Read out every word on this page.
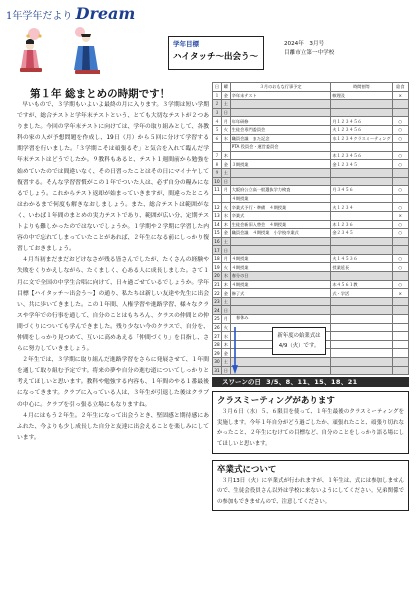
1年学年だより Dream
学年目標
ハイタッチ～出会う～
2024年　3月号
目離市立第一中学校
第１年 総まとめの時期です！

早いもので、３学期もいよいよ最終の月に入ります。３学期は短い学期ですが、総合テストと学年末テストという、とても大切なテストが２つありました。今回の学年末テストに向けては、学年の取り組みとして、各教科の家の人が予想問題を作成し、19日（月）から５回に分けて学習する期学習を行いました。「３学期こそは頑張るぞ」と気合を入れて臨んだ学年末テストはどうでしたか。９教科もあると、テスト１週間前から勉強を始めていたのでは間違いなく、その日習ったことはその日にマイナヤして復習する。そんな学習習慣がこの１年でついた人は、必ず自分の糧みになるでしょう。これからテスト返却が始まっていきますが、間違ったところはわかるまで何度も解きなおしましょう。また、総合テストは範囲がなく、いわば１年間のまとめの実力テストであり、範囲が広い分、定期テストよりも難しかったのではないでしょうか。１学期や２学期に学習した内容の中で忘れてしまっていたことがあれば、２年生になる前にしっかり復習しておきましょう。

４月当初まだまだおどけなさが残る皆さんでしたが、たくさんの経験や失敗をくりかえしながら、たくましく、心ある人に成長しました。さて１月に文で全国の中学生合唱に向けて、日々過ごせているでしょうか。学年目標【ハイタッチ～出会う～】の通り、私たちは新しい友達や先生に出会い、共に歩いてきました。この１年間、人権学習や進路学習、様々なクラスや学年での行事を通して、自分のことはもちろん、クラスの仲間との仲間づくりについても学んできました。残り少ない今のクラスで、自分を、仲間をしっかり見つめて、互いに高めあえる「仲間づくり」を目指し、さらに努力していきましょう。

２年生では、３学期に取り組んだ進路学習をさらに発展させて、１年間を通して取り組む予定です。将来の夢や自分の進む道についてしっかりと考えてほしいと思います。教科や勉強する内容も、１年間のやる１番最後になってきます。クラブに入っている人は、３年生が引退した後はクラブの中心に。クラブを引っ張る立場にもなりますね。

４月にはもう２年生。２年生になって出会うとき、堅固感と期待感にあふれた、今よりも少し成長した自分と友達に出会えることを楽しみにしています。

日	曜	３月のおもな行事予定	時間割等	給食
１	金	卒年末テスト	軟理及	×
２	土			
３	日			
４	月	年年研修	月１２３４５６	○
５	火	生徒会専門委員会	火１２３４５６	○
６	水	職員会議　また記念	水１２３４クラスミーティング	○
		PTA 役員会・運営委員会		
７	木		木１２３４５６	○
８	金	３期授業	金１２３４５	○
９	土			
10	日			
11	月	大阪府公立高一般選抜学力検査	月３４５６	○
		４期授業		
12	火	卒業式予行・準備　４期授業	火１２３４	○
13	水	卒業式		×
14	木	生徒会新旧入替会　４期授業	木１２３６	○
15	金	職員会議　４期授業　小学校卒業式	金２３４５	○
16	土			
17	日			
18	月	４期授業	火１４５３６	○
19	火	４期授業	授業延長	○
20	水	春分の日		
21	木	４期授業	木４５６１教	○
22	金	修了式	式・学活	×
23	土			
24	日			
25	月			
26	火			
27	水			
28	木			
29	金			
30	土			
31	日			
春休み
新年度の始業式は
4/9（火）です。
スワーンの日 3/5、8、11、15、18、21
クラスミーティングがあります
３月６日（水）５、６限目を使って、１年生最後のクラスミーティングを実施します。今年１年自分がどう過ごしたか、頑張れたこと、頑張り切れなかったこと、２年生にむけての目標など、自分のことをしっかり語る場にしてほしいと思います。
卒業式について
３月13日（火）に卒業式が行われますが、１年生は、式には参加しませんので、生徒会役員さん以外は学校に来ないようにしてください。兄弟関係での参加もできませんので、注意してください。
